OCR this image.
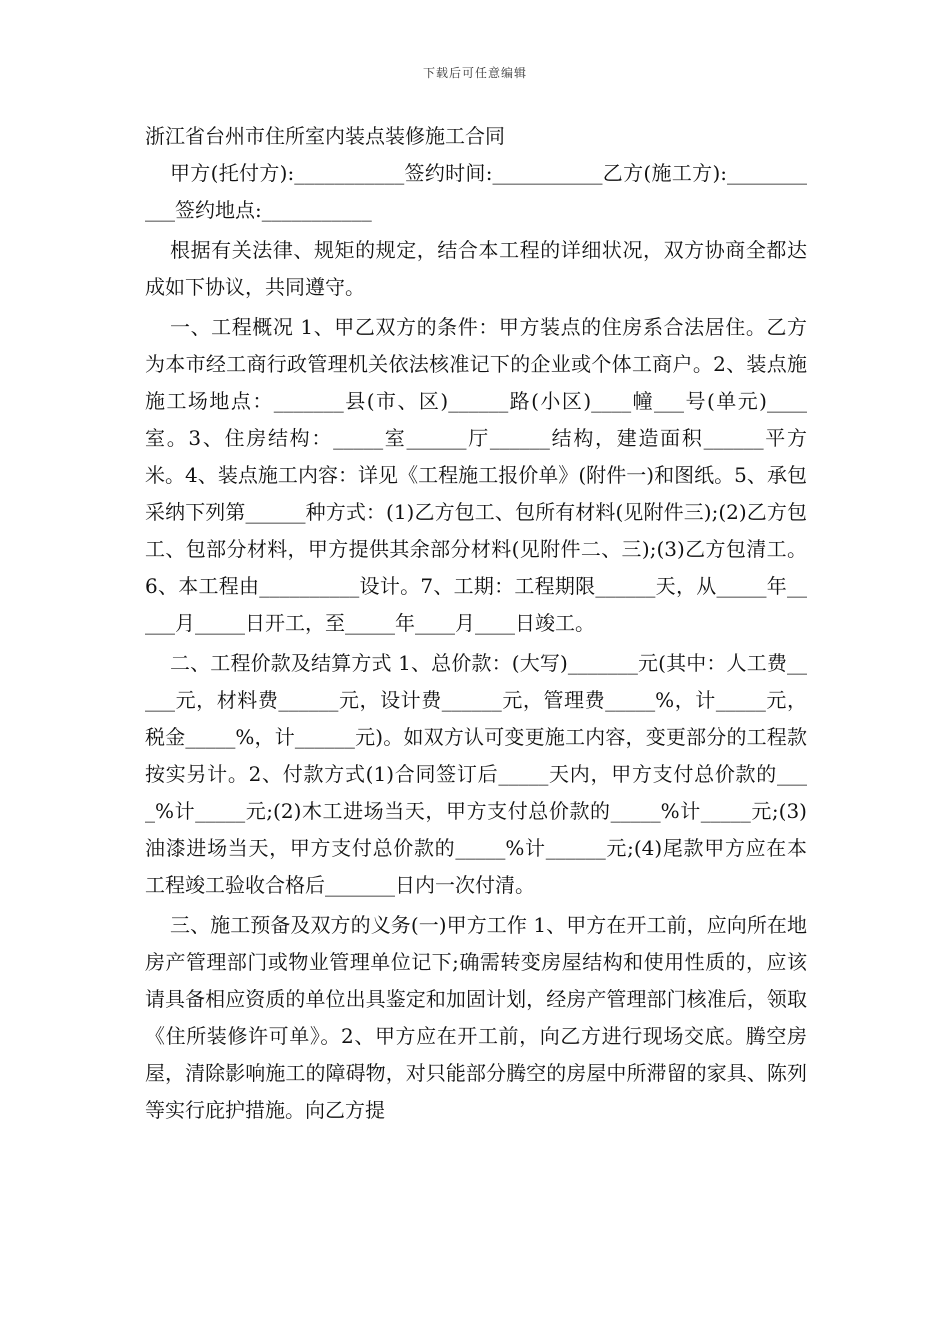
下载后可任意编辑

浙江省台州市住所室内装点装修施工合同

甲方(托付方):___________签约时间:___________乙方(施工方):___________签约地点:___________

根据有关法律、规矩的规定，结合本工程的详细状况，双方协商全都达成如下协议，共同遵守。

一、工程概况 1、甲乙双方的条件：甲方装点的住房系合法居住。乙方为本市经工商行政管理机关依法核准记下的企业或个体工商户。2、装点施施工场地点：_______县(市、区)______路(小区)____幢___号(单元)____室。3、住房结构：_____室______厅______结构，建造面积______平方米。4、装点施工内容：详见《工程施工报价单》(附件一)和图纸。5、承包采纳下列第______种方式：(1)乙方包工、包所有材料(见附件三);(2)乙方包工、包部分材料，甲方提供其余部分材料(见附件二、三);(3)乙方包清工。6、本工程由__________设计。7、工期：工程期限______天，从_____年_____月_____日开工，至_____年____月____日竣工。

二、工程价款及结算方式 1、总价款：(大写)_______元(其中：人工费_____元，材料费______元，设计费______元，管理费_____%，计_____元，税金_____%，计______元)。如双方认可变更施工内容，变更部分的工程款按实另计。2、付款方式(1)合同签订后_____天内，甲方支付总价款的____%计_____元;(2)木工进场当天，甲方支付总价款的_____%计_____元;(3)油漆进场当天，甲方支付总价款的_____%计______元;(4)尾款甲方应在本工程竣工验收合格后_______日内一次付清。

三、施工预备及双方的义务(一)甲方工作 1、甲方在开工前，应向所在地房产管理部门或物业管理单位记下;确需转变房屋结构和使用性质的，应该请具备相应资质的单位出具鉴定和加固计划，经房产管理部门核准后，领取《住所装修许可单》。2、甲方应在开工前，向乙方进行现场交底。腾空房屋，清除影响施工的障碍物，对只能部分腾空的房屋中所滞留的家具、陈列等实行庇护措施。向乙方提
